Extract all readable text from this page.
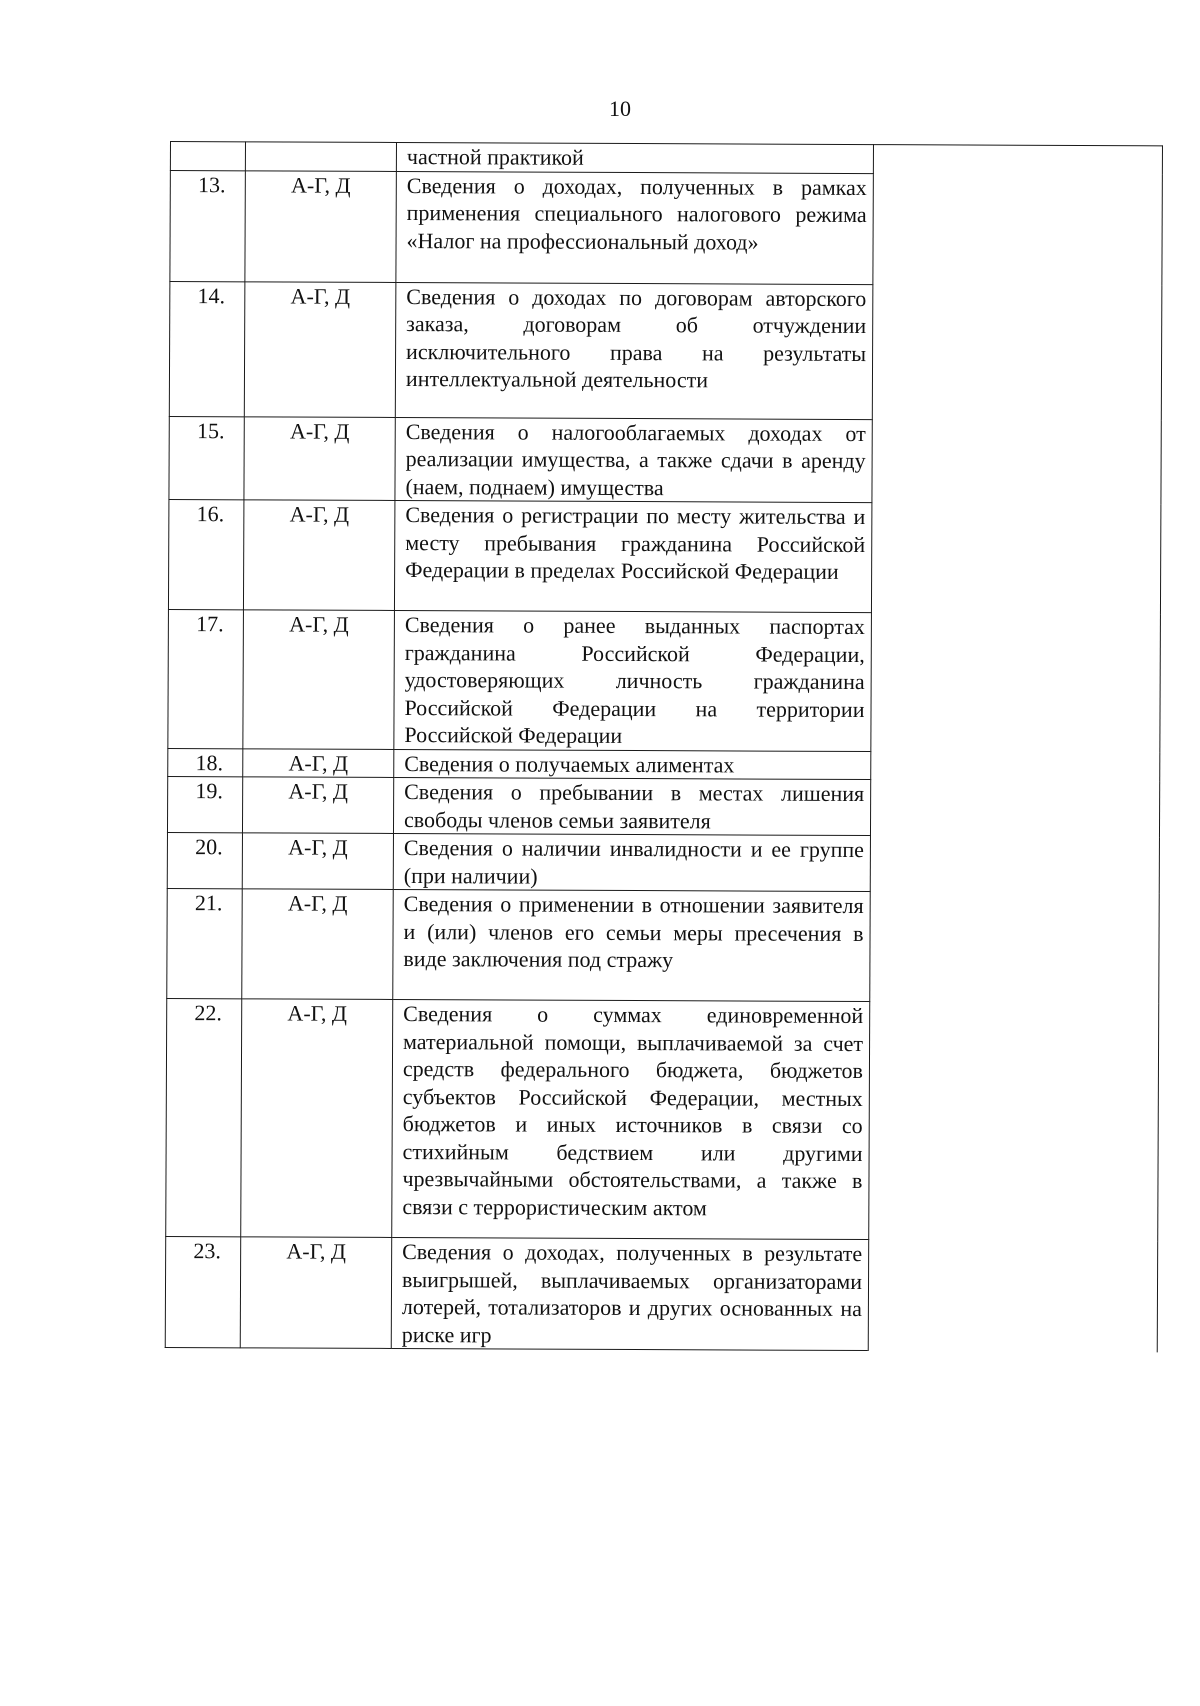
10
		частной практикой	
13.	А-Г, Д	Сведения о доходах, полученных в рамках применения специального налогового режима «Налог на профессиональный доход»	
14.	А-Г, Д	Сведения о доходах по договорам авторского заказа, договорам об отчуждении исключительного права на результаты интеллектуальной деятельности	
15.	А-Г, Д	Сведения о налогооблагаемых доходах от реализации имущества, а также сдачи в аренду (наем, поднаем) имущества	
16.	А-Г, Д	Сведения о регистрации по месту жительства и месту пребывания гражданина Российской Федерации в пределах Российской Федерации	
17.	А-Г, Д	Сведения о ранее выданных паспортах гражданина Российской Федерации, удостоверяющих личность гражданина Российской Федерации на территории Российской Федерации	
18.	А-Г, Д	Сведения о получаемых алиментах	
19.	А-Г, Д	Сведения о пребывании в местах лишения свободы членов семьи заявителя	
20.	А-Г, Д	Сведения о наличии инвалидности и ее группе (при наличии)	
21.	А-Г, Д	Сведения о применении в отношении заявителя и (или) членов его семьи меры пресечения в виде заключения под стражу	
22.	А-Г, Д	Сведения о суммах единовременной материальной помощи, выплачиваемой за счет средств федерального бюджета, бюджетов субъектов Российской Федерации, местных бюджетов и иных источников в связи со стихийным бедствием или другими чрезвычайными обстоятельствами, а также в связи с террористическим актом	
23.	А-Г, Д	Сведения о доходах, полученных в результате выигрышей, выплачиваемых организаторами лотерей, тотализаторов и других основанных на риске игр	
